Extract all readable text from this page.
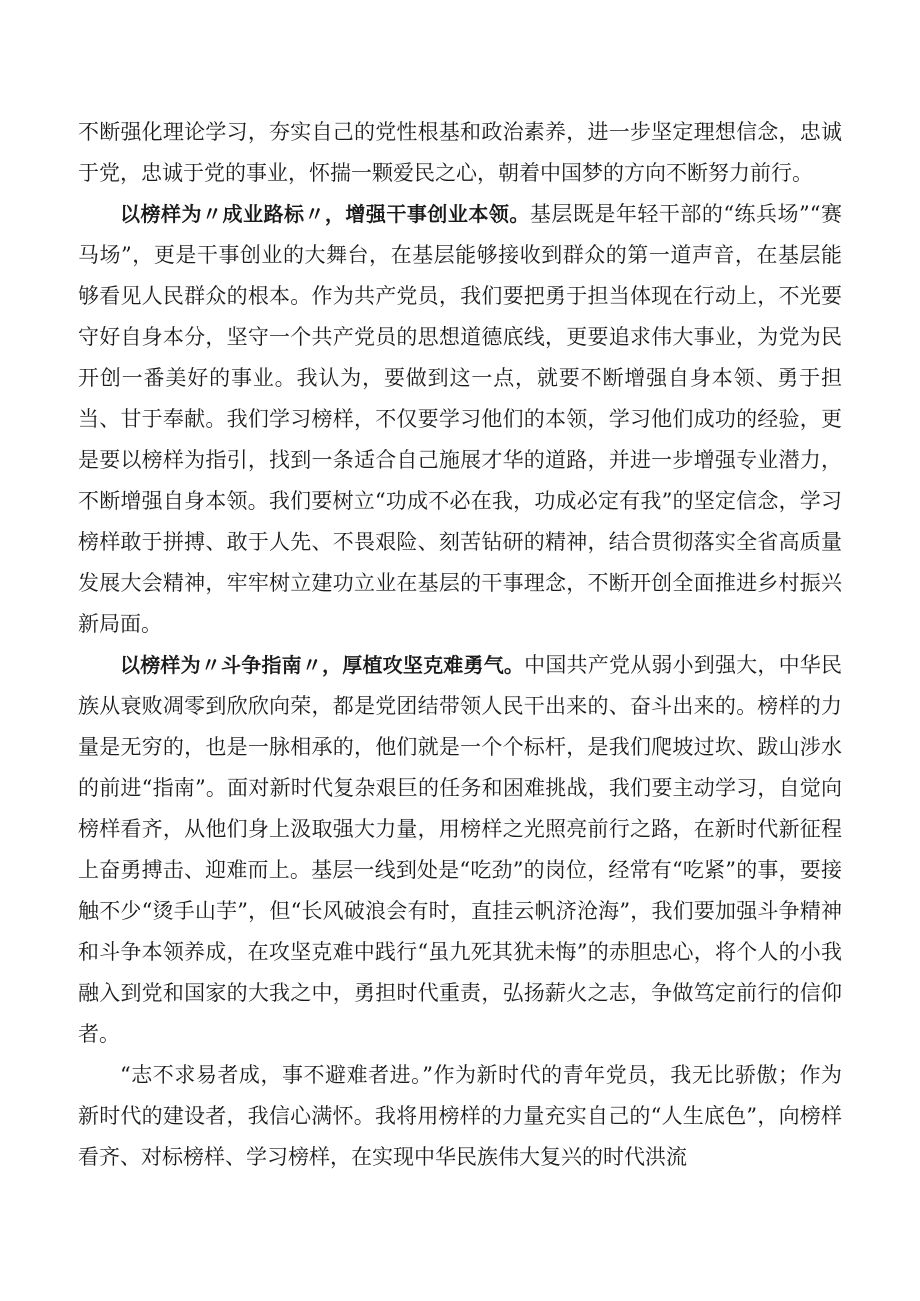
不断强化理论学习，夯实自己的党性根基和政治素养，进一步坚定理想信念，忠诚于党，忠诚于党的事业，怀揣一颗爱民之心，朝着中国梦的方向不断努力前行。

以榜样为〃成业路标〃，增强干事创业本领。基层既是年轻干部的“练兵场”“赛马场”，更是干事创业的大舞台，在基层能够接收到群众的第一道声音，在基层能够看见人民群众的根本。作为共产党员，我们要把勇于担当体现在行动上，不光要守好自身本分，坚守一个共产党员的思想道德底线，更要追求伟大事业，为党为民开创一番美好的事业。我认为，要做到这一点，就要不断增强自身本领、勇于担当、甘于奉献。我们学习榜样，不仅要学习他们的本领，学习他们成功的经验，更是要以榜样为指引，找到一条适合自己施展才华的道路，并进一步增强专业潜力，不断增强自身本领。我们要树立“功成不必在我，功成必定有我”的坚定信念，学习榜样敢于拼搏、敢于人先、不畏艰险、刻苦钻研的精神，结合贯彻落实全省高质量发展大会精神，牢牢树立建功立业在基层的干事理念，不断开创全面推进乡村振兴新局面。

以榜样为〃斗争指南〃，厚植攻坚克难勇气。中国共产党从弱小到强大，中华民族从衰败凋零到欣欣向荣，都是党团结带领人民干出来的、奋斗出来的。榜样的力量是无穷的，也是一脉相承的，他们就是一个个标杆，是我们爬坡过坎、跋山涉水的前进“指南”。面对新时代复杂艰巨的任务和困难挑战，我们要主动学习，自觉向榜样看齐，从他们身上汲取强大力量，用榜样之光照亮前行之路，在新时代新征程上奋勇搏击、迎难而上。基层一线到处是“吃劲”的岗位，经常有“吃紧”的事，要接触不少“烫手山芋”，但“长风破浪会有时，直挂云帆济沧海”，我们要加强斗争精神和斗争本领养成，在攻坚克难中践行“虽九死其犹未悔”的赤胆忠心，将个人的小我融入到党和国家的大我之中，勇担时代重责，弘扬薪火之志，争做笃定前行的信仰者。

“志不求易者成，事不避难者进。”作为新时代的青年党员，我无比骄傲；作为新时代的建设者，我信心满怀。我将用榜样的力量充实自己的“人生底色”，向榜样看齐、对标榜样、学习榜样，在实现中华民族伟大复兴的时代洪流
